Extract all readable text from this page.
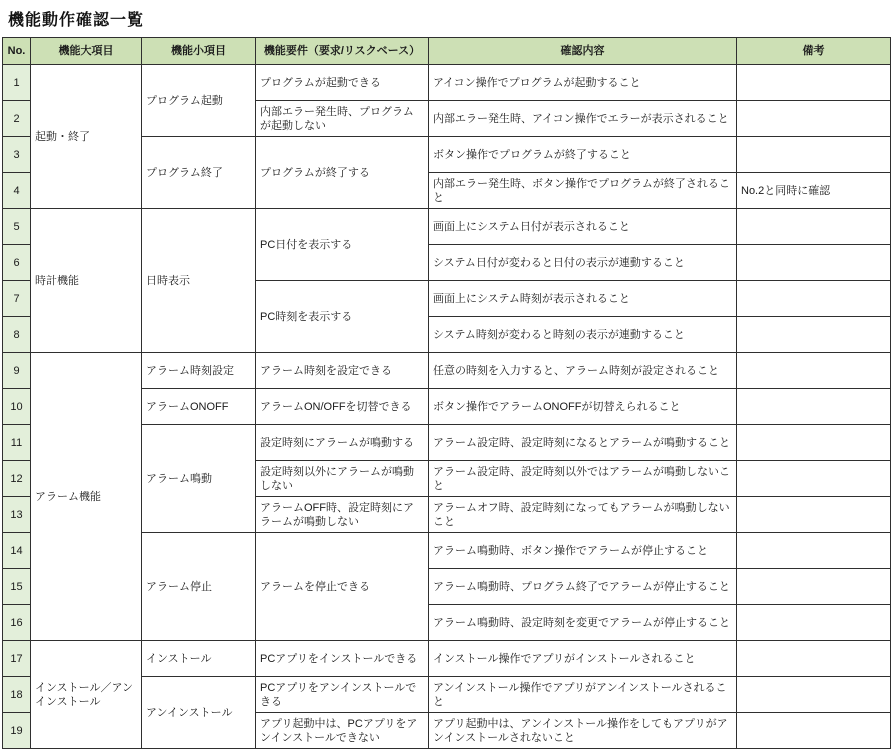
機能動作確認一覧
No.	機能大項目	機能小項目	機能要件（要求/リスクベース）	確認内容	備考
1	起動・終了	プログラム起動	プログラムが起動できる	アイコン操作でプログラムが起動すること	
2			内部エラー発生時、プログラムが起動しない	内部エラー発生時、アイコン操作でエラーが表示されること	
3		プログラム終了	プログラムが終了する	ボタン操作でプログラムが終了すること	
4				内部エラー発生時、ボタン操作でプログラムが終了されること	No.2と同時に確認
5	時計機能	日時表示	PC日付を表示する	画面上にシステム日付が表示されること	
6				システム日付が変わると日付の表示が連動すること	
7			PC時刻を表示する	画面上にシステム時刻が表示されること	
8				システム時刻が変わると時刻の表示が連動すること	
9	アラーム機能	アラーム時刻設定	アラーム時刻を設定できる	任意の時刻を入力すると、アラーム時刻が設定されること	
10		アラームONOFF	アラームON/OFFを切替できる	ボタン操作でアラームONOFFが切替えられること	
11		アラーム鳴動	設定時刻にアラームが鳴動する	アラーム設定時、設定時刻になるとアラームが鳴動すること	
12			設定時刻以外にアラームが鳴動しない	アラーム設定時、設定時刻以外ではアラームが鳴動しないこと	
13			アラームOFF時、設定時刻にアラームが鳴動しない	アラームオフ時、設定時刻になってもアラームが鳴動しないこと	
14		アラーム停止	アラームを停止できる	アラーム鳴動時、ボタン操作でアラームが停止すること	
15				アラーム鳴動時、プログラム終了でアラームが停止すること	
16				アラーム鳴動時、設定時刻を変更でアラームが停止すること	
17	インストール／アンインストール	インストール	PCアプリをインストールできる	インストール操作でアプリがインストールされること	
18		アンインストール	PCアプリをアンインストールできる	アンインストール操作でアプリがアンインストールされること	
19			アプリ起動中は、PCアプリをアンインストールできない	アプリ起動中は、アンインストール操作をしてもアプリがアンインストールされないこと	
